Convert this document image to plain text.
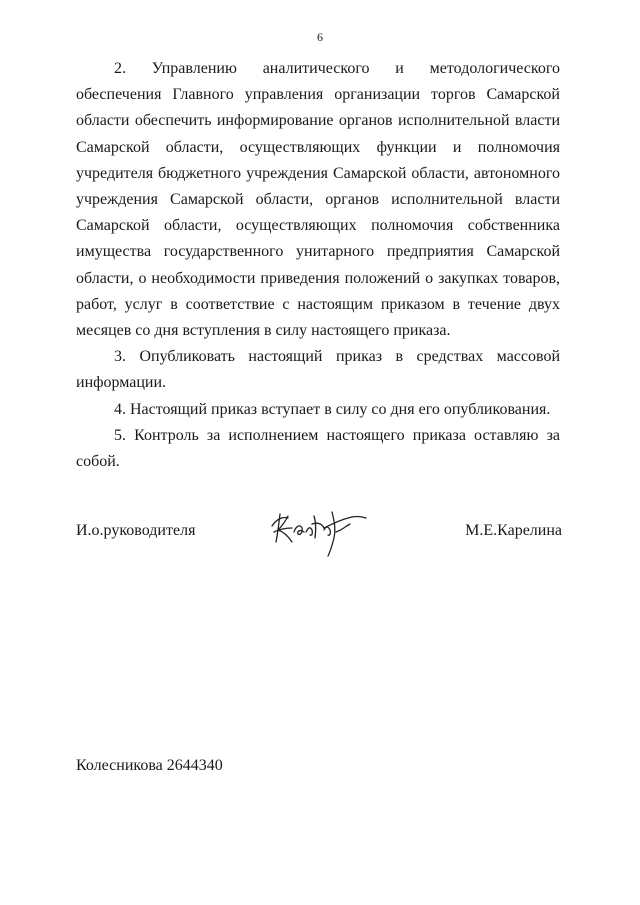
6

2. Управлению аналитического и методологического обеспечения Главного управления организации торгов Самарской области обеспечить информирование органов исполнительной власти Самарской области, осуществляющих функции и полномочия учредителя бюджетного учреждения Самарской области, автономного учреждения Самарской области, органов исполнительной власти Самарской области, осуществляющих полномочия собственника имущества государственного унитарного предприятия Самарской области, о необходимости приведения положений о закупках товаров, работ, услуг в соответствие с настоящим приказом в течение двух месяцев со дня вступления в силу настоящего приказа.

3. Опубликовать настоящий приказ в средствах массовой информации.

4. Настоящий приказ вступает в силу со дня его опубликования.

5. Контроль за исполнением настоящего приказа оставляю за собой.

И.о.руководителя	М.Е.Карелина
Колесникова 2644340
